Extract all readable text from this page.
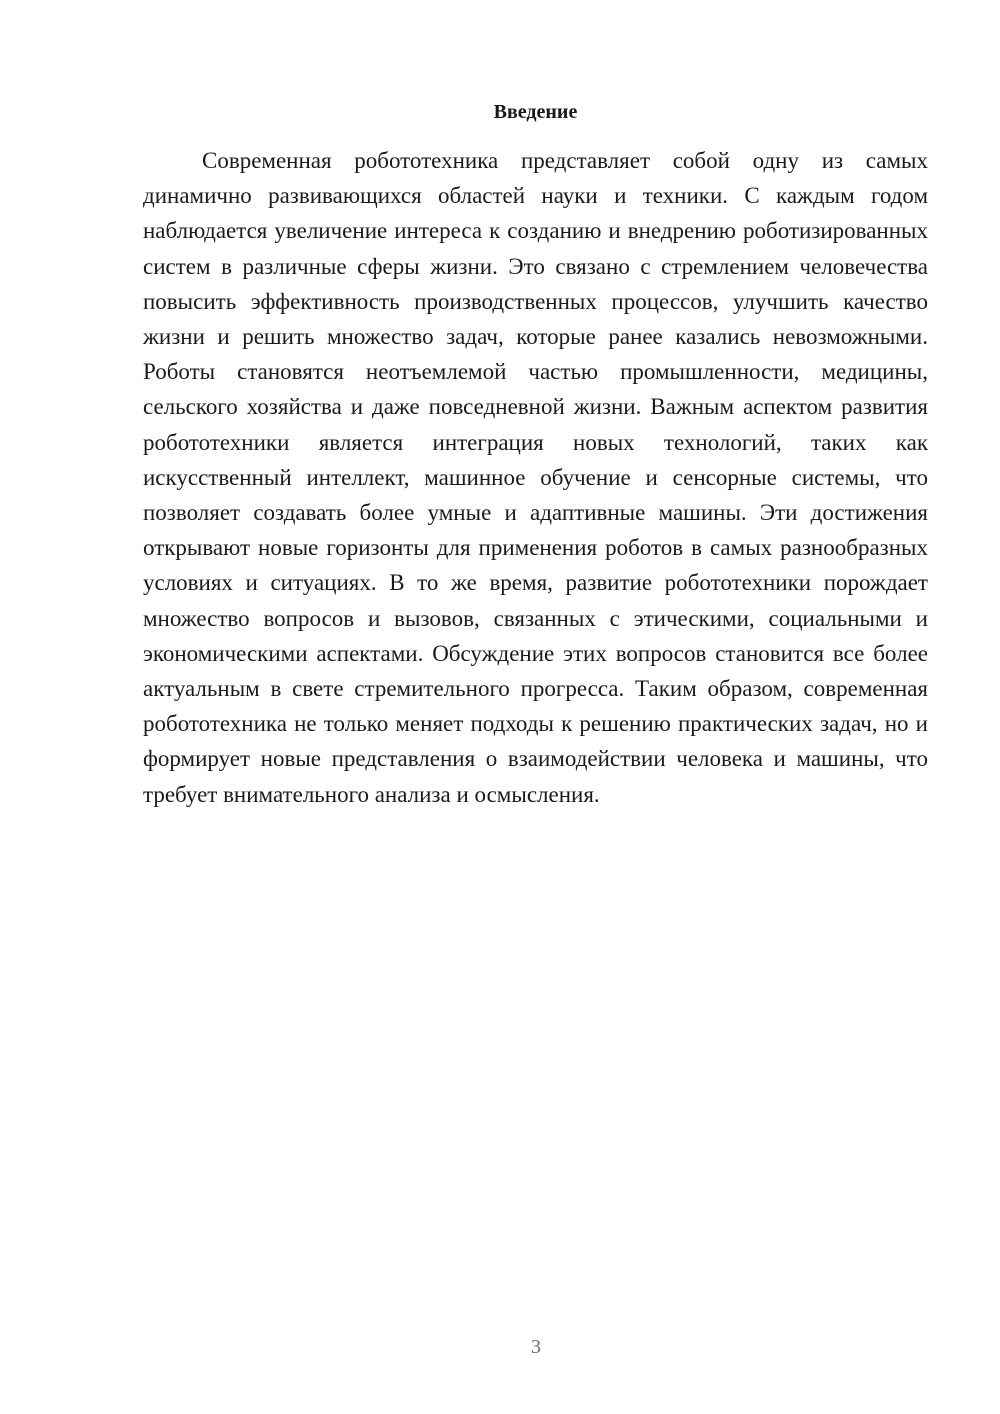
Введение

Современная робототехника представляет собой одну из самых динамично развивающихся областей науки и техники. С каждым годом наблюдается увеличение интереса к созданию и внедрению роботизированных систем в различные сферы жизни. Это связано с стремлением человечества повысить эффективность производственных процессов, улучшить качество жизни и решить множество задач, которые ранее казались невозможными. Роботы становятся неотъемлемой частью промышленности, медицины, сельского хозяйства и даже повседневной жизни. Важным аспектом развития робототехники является интеграция новых технологий, таких как искусственный интеллект, машинное обучение и сенсорные системы, что позволяет создавать более умные и адаптивные машины. Эти достижения открывают новые горизонты для применения роботов в самых разнообразных условиях и ситуациях. В то же время, развитие робототехники порождает множество вопросов и вызовов, связанных с этическими, социальными и экономическими аспектами. Обсуждение этих вопросов становится все более актуальным в свете стремительного прогресса. Таким образом, современная робототехника не только меняет подходы к решению практических задач, но и формирует новые представления о взаимодействии человека и машины, что требует внимательного анализа и осмысления.

3
